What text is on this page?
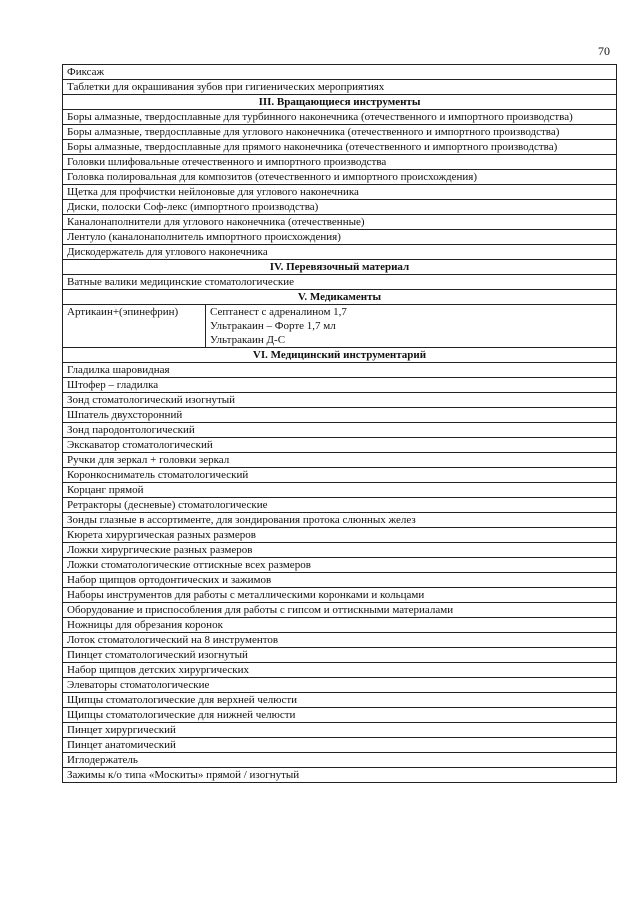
70
Фиксаж
Таблетки для окрашивания зубов при гигиенических мероприятиях
III. Вращающиеся инструменты
Боры алмазные, твердосплавные для турбинного наконечника (отечественного и импортного производства)
Боры алмазные, твердосплавные для углового наконечника (отечественного и импортного производства)
Боры алмазные, твердосплавные для прямого наконечника (отечественного и импортного производства)
Головки шлифовальные отечественного и импортного производства
Головка полировальная для композитов (отечественного и импортного происхождения)
Щетка для профчистки нейлоновые для углового наконечника
Диски, полоски Соф-лекс (импортного производства)
Каналонаполнители для углового наконечника (отечественные)
Лентуло (каналонаполнитель импортного происхождения)
Дискодержатель для углового наконечника
IV. Перевязочный материал
Ватные валики медицинские стоматологические
V. Медикаменты
Артикаин+(эпинефрин)	Септанест с адреналином 1,7
Ультракаин – Форте 1,7 мл
Ультракаин Д-С

VI. Медицинский инструментарий
Гладилка шаровидная
Штофер – гладилка
Зонд стоматологический изогнутый
Шпатель двухсторонний
Зонд пародонтологический
Экскаватор стоматологический
Ручки для зеркал + головки зеркал
Коронкосниматель стоматологический
Корцанг прямой
Ретракторы (десневые) стоматологические
Зонды глазные в ассортименте, для зондирования протока слюнных желез
Кюрета хирургическая разных размеров
Ложки хирургические разных размеров
Ложки стоматологические оттискные всех размеров
Набор щипцов ортодонтических и зажимов
Наборы инструментов для работы с металлическими коронками и кольцами
Оборудование и приспособления для работы с гипсом и оттискными материалами
Ножницы для обрезания коронок
Лоток стоматологический на 8 инструментов
Пинцет стоматологический изогнутый
Набор щипцов детских хирургических
Элеваторы стоматологические
Щипцы стоматологические для верхней челюсти
Щипцы стоматологические для нижней челюсти
Пинцет хирургический
Пинцет анатомический
Иглодержатель
Зажимы к/о типа «Москиты» прямой / изогнутый
